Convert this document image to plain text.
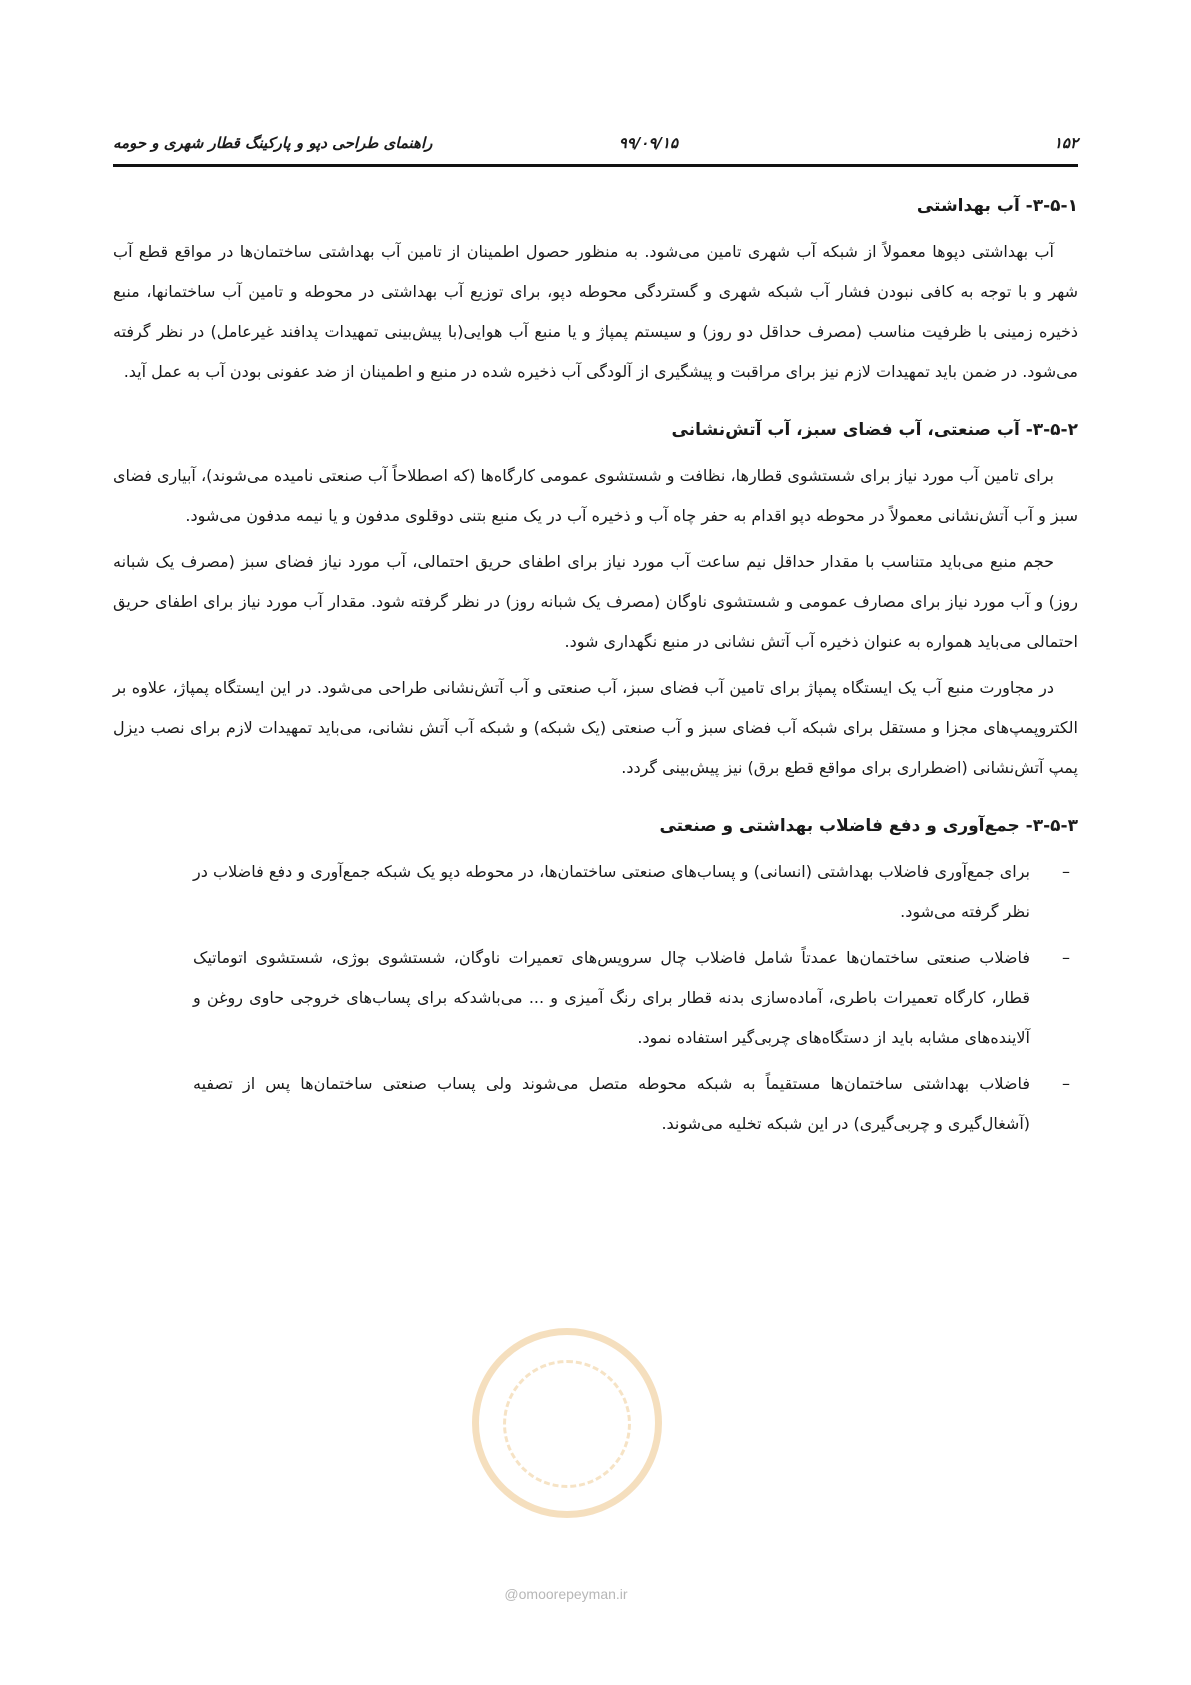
۱۵۲
۹۹/۰۹/۱۵
راهنمای طراحی دپو و پارکینگ قطار شهری و حومه
۳-۵-۱- آب بهداشتی

آب بهداشتی دپوها معمولاً از شبکه آب شهری تامین می‌شود. به منظور حصول اطمینان از تامین آب بهداشتی ساختمان‌ها در مواقع قطع آب شهر و با توجه به کافی نبودن فشار آب شبکه شهری و گستردگی محوطه دپو، برای توزیع آب بهداشتی در محوطه و تامین آب ساختمانها، منبع ذخیره زمینی با ظرفیت مناسب (مصرف حداقل دو روز) و سیستم پمپاژ و یا منبع آب هوایی(با پیش‌بینی تمهیدات پدافند غیرعامل) در نظر گرفته می‌شود. در ضمن باید تمهیدات لازم نیز برای مراقبت و پیشگیری از آلودگی آب ذخیره شده در منبع و اطمینان از ضد عفونی بودن آب به عمل آید.

۳-۵-۲- آب صنعتی، آب فضای سبز، آب آتش‌نشانی

برای تامین آب مورد نیاز برای شستشوی قطارها، نظافت و شستشوی عمومی کارگاه‌ها (که اصطلاحاً آب صنعتی نامیده می‌شوند)، آبیاری فضای سبز و آب آتش‌نشانی معمولاً در محوطه دپو اقدام به حفر چاه آب و ذخیره آب در یک منبع بتنی دوقلوی مدفون و یا نیمه مدفون می‌شود.

حجم منبع می‌باید متناسب با مقدار حداقل نیم ساعت آب مورد نیاز برای اطفای حریق احتمالی، آب مورد نیاز فضای سبز (مصرف یک شبانه روز) و آب مورد نیاز برای مصارف عمومی و شستشوی ناوگان (مصرف یک شبانه روز) در نظر گرفته شود. مقدار آب مورد نیاز برای اطفای حریق احتمالی می‌باید همواره به عنوان ذخیره آب آتش نشانی در منبع نگهداری شود.

در مجاورت منبع آب یک ایستگاه پمپاژ برای تامین آب فضای سبز، آب صنعتی و آب آتش‌نشانی طراحی می‌شود. در این ایستگاه پمپاژ، علاوه بر الکتروپمپ‌های مجزا و مستقل برای شبکه آب فضای سبز و آب صنعتی (یک شبکه) و شبکه آب آتش نشانی، می‌باید تمهیدات لازم برای نصب دیزل پمپ آتش‌نشانی (اضطراری برای مواقع قطع برق) نیز پیش‌بینی گردد.

۳-۵-۳- جمع‌آوری و دفع فاضلاب بهداشتی و صنعتی
–
برای جمع‌آوری فاضلاب بهداشتی (انسانی) و پساب‌های صنعتی ساختمان‌ها، در محوطه دپو یک شبکه جمع‌آوری و دفع فاضلاب در نظر گرفته می‌شود.
–
فاضلاب صنعتی ساختمان‌ها عمدتاً شامل فاضلاب چال سرویس‌های تعمیرات ناوگان، شستشوی بوژی، شستشوی اتوماتیک قطار، کارگاه تعمیرات باطری، آماده‌سازی بدنه قطار برای رنگ آمیزی و ... می‌باشدکه برای پساب‌های خروجی حاوی روغن و آلاینده‌های مشابه باید از دستگاه‌های چربی‌گیر استفاده نمود.
–
فاضلاب بهداشتی ساختمان‌ها مستقیماً به شبکه محوطه متصل می‌شوند ولی پساب صنعتی ساختمان‌ها پس از تصفیه (آشغال‌گیری و چربی‌گیری) در این شبکه تخلیه می‌شوند.
@omoorepeyman.ir
